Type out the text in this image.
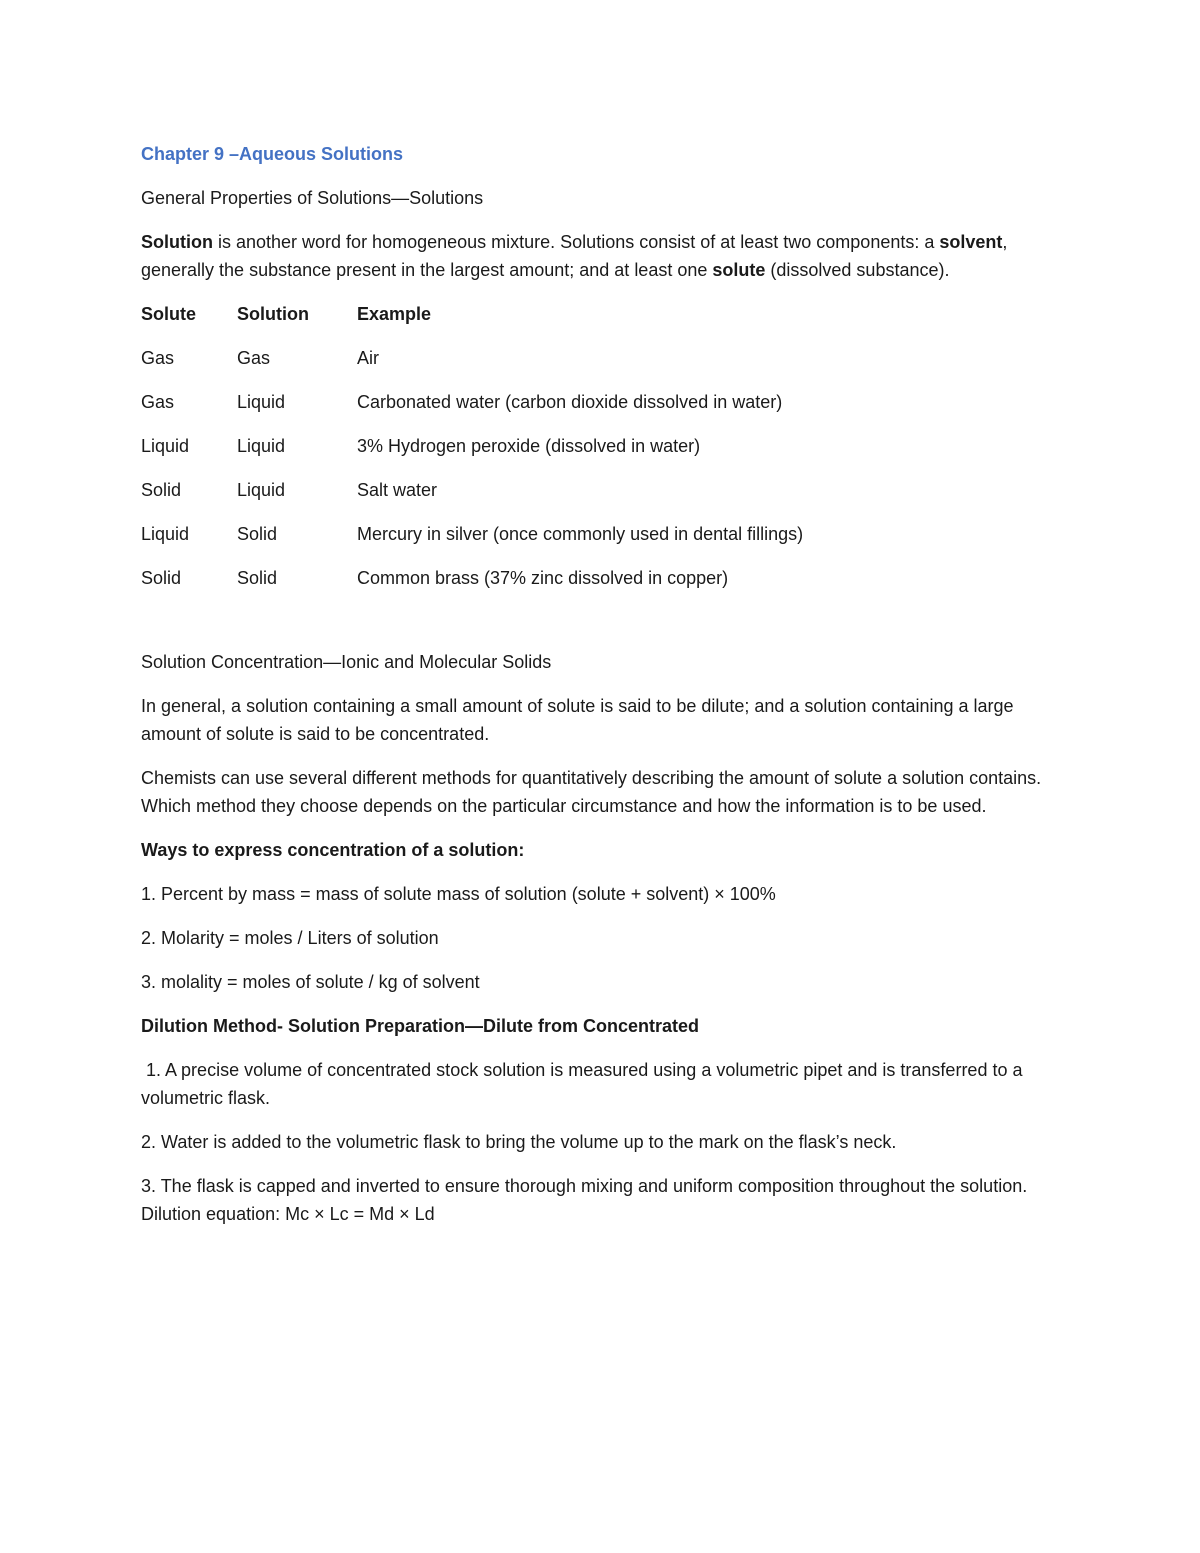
Chapter 9 –Aqueous Solutions

General Properties of Solutions—Solutions

Solution is another word for homogeneous mixture. Solutions consist of at least two components: a solvent, generally the substance present in the largest amount; and at least one solute (dissolved substance).

Solute	Solution	Example
Gas	Gas	Air
Gas	Liquid	Carbonated water (carbon dioxide dissolved in water)
Liquid	Liquid	3% Hydrogen peroxide (dissolved in water)
Solid	Liquid	Salt water
Liquid	Solid	Mercury in silver (once commonly used in dental fillings)
Solid	Solid	Common brass (37% zinc dissolved in copper)

Solution Concentration—Ionic and Molecular Solids

In general, a solution containing a small amount of solute is said to be dilute; and a solution containing a large amount of solute is said to be concentrated.

Chemists can use several different methods for quantitatively describing the amount of solute a solution contains. Which method they choose depends on the particular circumstance and how the information is to be used.

Ways to express concentration of a solution:

1. Percent by mass = mass of solute mass of solution (solute + solvent) × 100%

2. Molarity = moles / Liters of solution

3. molality = moles of solute / kg of solvent

Dilution Method- Solution Preparation—Dilute from Concentrated

1. A precise volume of concentrated stock solution is measured using a volumetric pipet and is transferred to a volumetric flask.

2. Water is added to the volumetric flask to bring the volume up to the mark on the flask’s neck.

3. The flask is capped and inverted to ensure thorough mixing and uniform composition throughout the solution. Dilution equation: Mc × Lc = Md × Ld
